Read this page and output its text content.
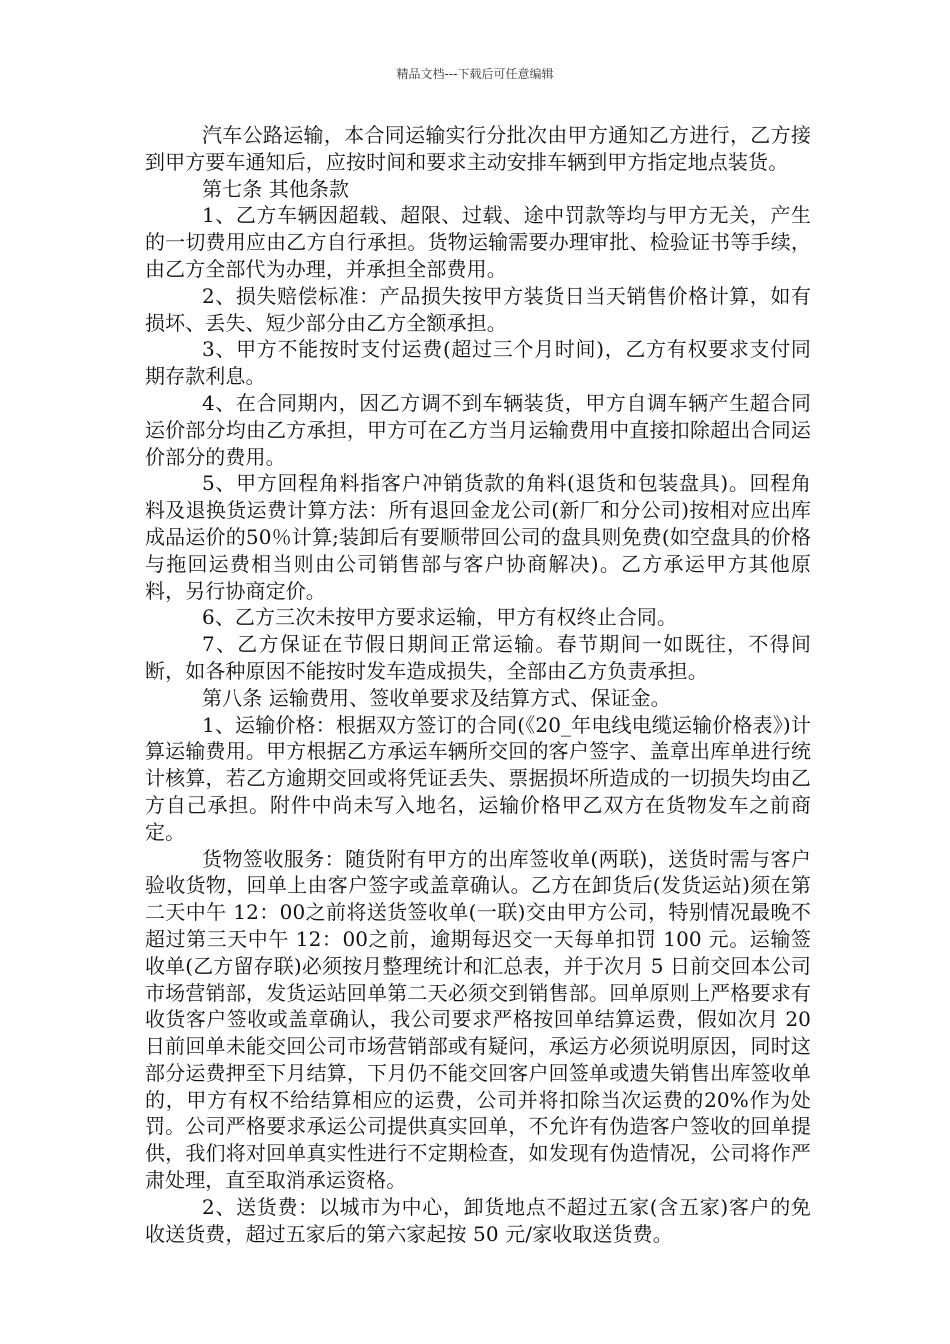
精品文档---下载后可任意编辑

汽车公路运输，本合同运输实行分批次由甲方通知乙方进行，乙方接到甲方要车通知后，应按时间和要求主动安排车辆到甲方指定地点装货。

第七条 其他条款

1、乙方车辆因超载、超限、过载、途中罚款等均与甲方无关，产生的一切费用应由乙方自行承担。货物运输需要办理审批、检验证书等手续，由乙方全部代为办理，并承担全部费用。

2、损失赔偿标准：产品损失按甲方装货日当天销售价格计算，如有损坏、丢失、短少部分由乙方全额承担。

3、甲方不能按时支付运费(超过三个月时间)，乙方有权要求支付同期存款利息。

4、在合同期内，因乙方调不到车辆装货，甲方自调车辆产生超合同运价部分均由乙方承担，甲方可在乙方当月运输费用中直接扣除超出合同运价部分的费用。

5、甲方回程角料指客户冲销货款的角料(退货和包装盘具)。回程角料及退换货运费计算方法：所有退回金龙公司(新厂和分公司)按相对应出库成品运价的50％计算;装卸后有要顺带回公司的盘具则免费(如空盘具的价格与拖回运费相当则由公司销售部与客户协商解决)。乙方承运甲方其他原料，另行协商定价。

6、乙方三次未按甲方要求运输，甲方有权终止合同。

7、乙方保证在节假日期间正常运输。春节期间一如既往，不得间断，如各种原因不能按时发车造成损失，全部由乙方负责承担。

第八条 运输费用、签收单要求及结算方式、保证金。

1、运输价格：根据双方签订的合同(《20_年电线电缆运输价格表》)计算运输费用。甲方根据乙方承运车辆所交回的客户签字、盖章出库单进行统计核算，若乙方逾期交回或将凭证丢失、票据损坏所造成的一切损失均由乙方自己承担。附件中尚未写入地名，运输价格甲乙双方在货物发车之前商定。

货物签收服务：随货附有甲方的出库签收单(两联)，送货时需与客户验收货物，回单上由客户签字或盖章确认。乙方在卸货后(发货运站)须在第二天中午 12：00之前将送货签收单(一联)交由甲方公司，特别情况最晚不超过第三天中午 12：00之前，逾期每迟交一天每单扣罚 100 元。运输签收单(乙方留存联)必须按月整理统计和汇总表，并于次月 5 日前交回本公司市场营销部，发货运站回单第二天必须交到销售部。回单原则上严格要求有收货客户签收或盖章确认，我公司要求严格按回单结算运费，假如次月 20 日前回单未能交回公司市场营销部或有疑问，承运方必须说明原因，同时这部分运费押至下月结算，下月仍不能交回客户回签单或遗失销售出库签收单的，甲方有权不给结算相应的运费，公司并将扣除当次运费的20%作为处罚。公司严格要求承运公司提供真实回单，不允许有伪造客户签收的回单提供，我们将对回单真实性进行不定期检查，如发现有伪造情况，公司将作严肃处理，直至取消承运资格。

2、送货费：以城市为中心，卸货地点不超过五家(含五家)客户的免收送货费，超过五家后的第六家起按 50 元/家收取送货费。
